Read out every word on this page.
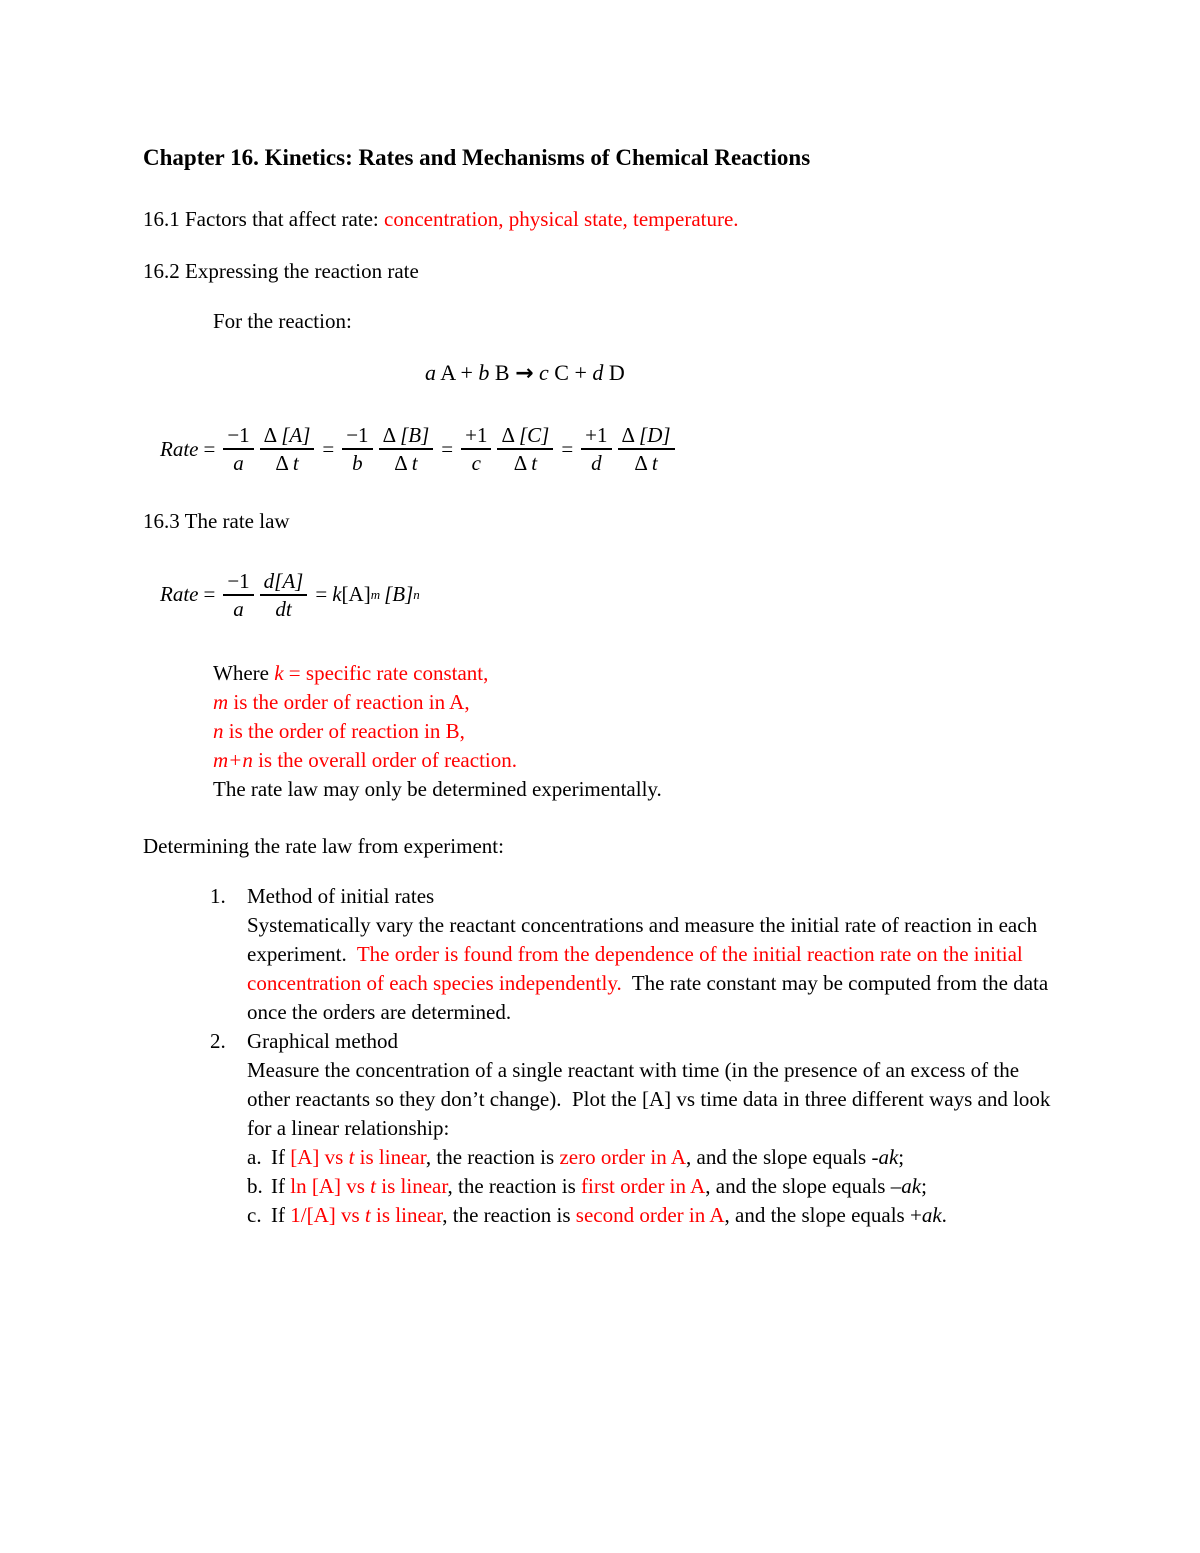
Chapter 16. Kinetics: Rates and Mechanisms of Chemical Reactions

16.1 Factors that affect rate: concentration, physical state, temperature.

16.2 Expressing the reaction rate

For the reaction:

a A + b B → c C + d D

Rate = $\frac{-1}{a} \frac{\Delta [A]}{\text{Δ t}} = \frac{-1}{b} \frac{\Delta [B]}{\text{Δ t}} = \frac{+1}{c} \frac{\Delta [C]}{\text{Δ t}} = \frac{+1}{d} \frac{\Delta [D]}{\text{Δ t}}$

16.3 The rate law

Rate = $\frac{-1}{a} \frac{d[A]}{dt} = k$ [A] m [B] n
Where k = specific rate constant,
m is the order of reaction in A,
n is the order of reaction in B,
m+n is the overall order of reaction.
The rate law may only be determined experimentally.

Determining the rate law from experiment:

1.	Method of initial rates
Systematically vary the reactant concentrations and measure the initial rate of reaction in each experiment.  The order is found from the dependence of the initial reaction rate on the initial concentration of each species independently.  The rate constant may be computed from the data once the orders are determined.
2.	Graphical method
Measure the concentration of a single reactant with time (in the presence of an excess of the other reactants so they don’t change).  Plot the [A] vs time data in three different ways and look for a linear relationship:
a. If [A] vs t is linear, the reaction is zero order in A, and the slope equals -ak;
b. If ln [A] vs t is linear, the reaction is first order in A, and the slope equals –ak;
c. If 1/[A] vs t is linear, the reaction is second order in A, and the slope equals +ak.
